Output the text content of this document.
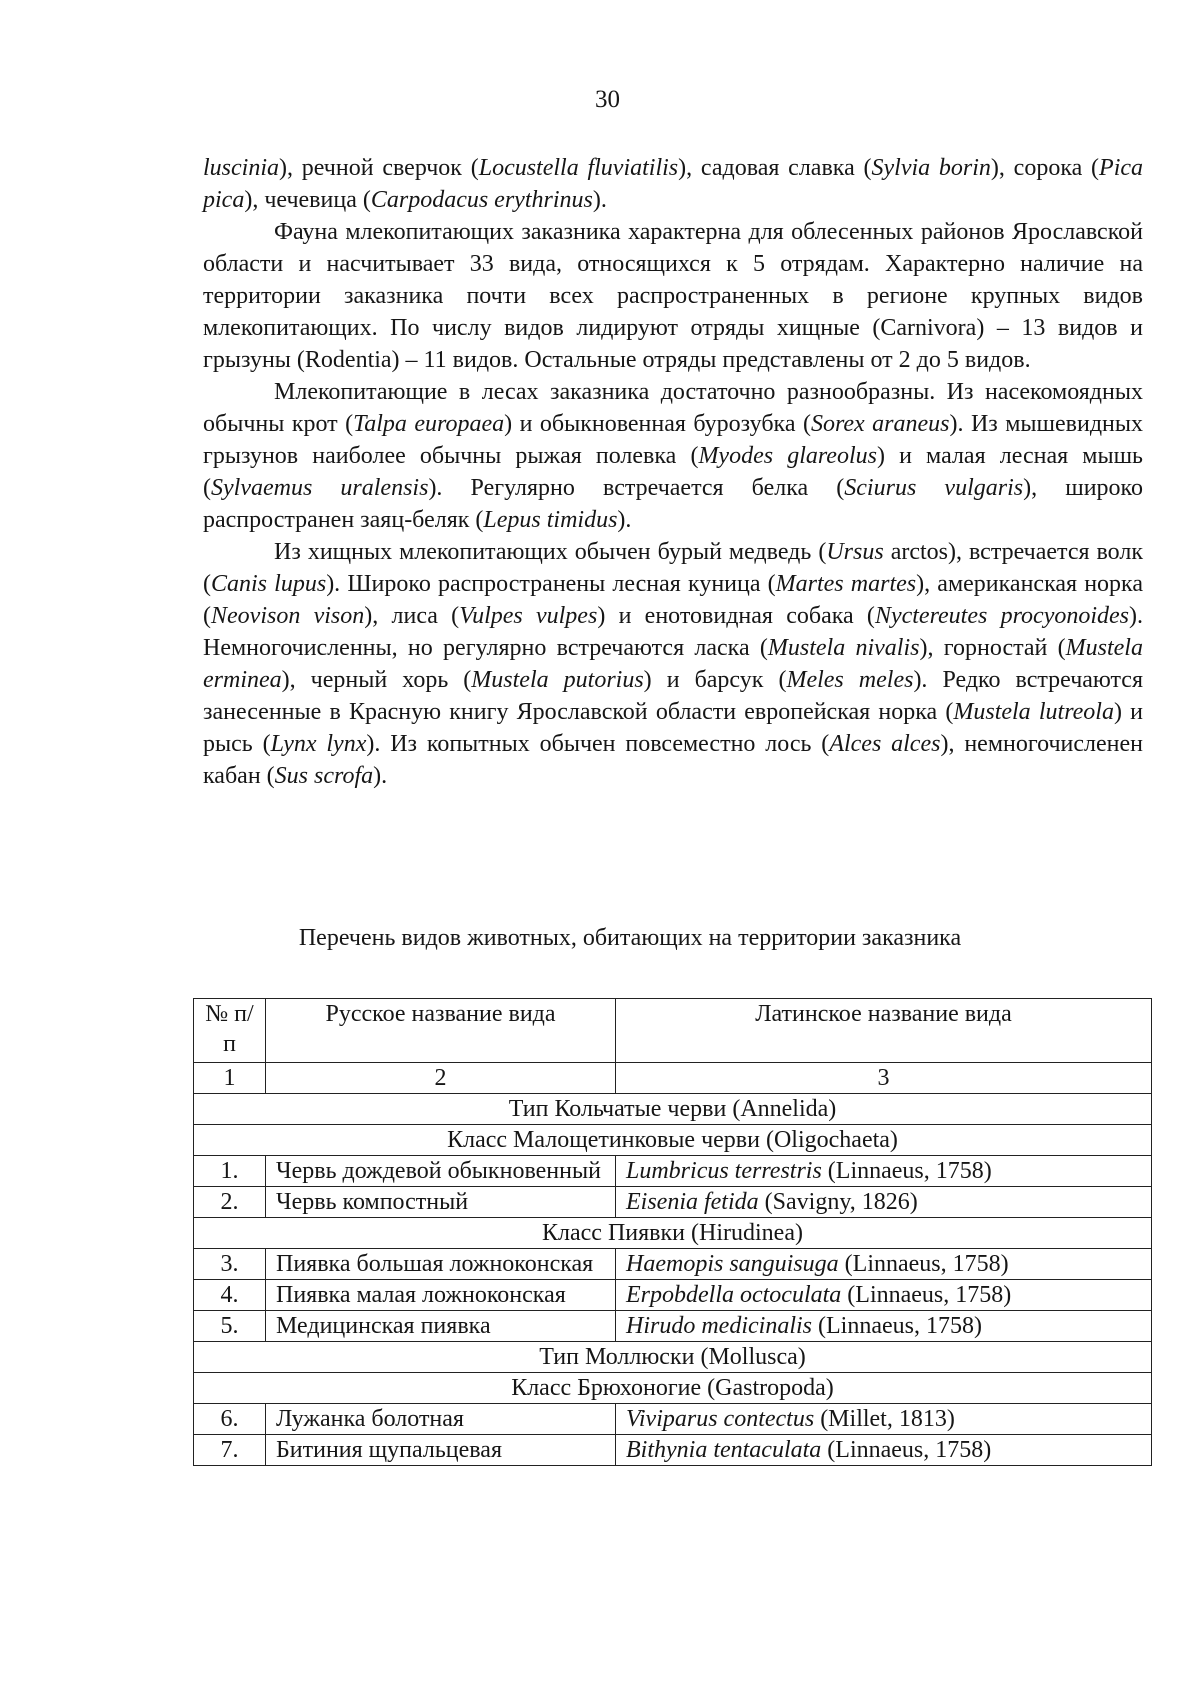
30

luscinia), речной сверчок (Locustella fluviatilis), садовая славка (Sylvia borin), сорока (Pica pica), чечевица (Carpodacus erythrinus).

Фауна млекопитающих заказника характерна для облесенных районов Ярославской области и насчитывает 33 вида, относящихся к 5 отрядам. Характерно наличие на территории заказника почти всех распространенных в регионе крупных видов млекопитающих. По числу видов лидируют отряды хищные (Carnivora) – 13 видов и грызуны (Rodentia) – 11 видов. Остальные отряды представлены от 2 до 5 видов.

Млекопитающие в лесах заказника достаточно разнообразны. Из насекомоядных обычны крот (Talpa europaea) и обыкновенная бурозубка (Sorex araneus). Из мышевидных грызунов наиболее обычны рыжая полевка (Myodes glareolus) и малая лесная мышь (Sylvaemus uralensis). Регулярно встречается белка (Sciurus vulgaris), широко распространен заяц-беляк (Lepus timidus).

Из хищных млекопитающих обычен бурый медведь (Ursus arctos), встречается волк (Canis lupus). Широко распространены лесная куница (Martes martes), американская норка (Neovison vison), лиса (Vulpes vulpes) и енотовидная собака (Nyctereutes procyonoides). Немногочисленны, но регулярно встречаются ласка (Mustela nivalis), горностай (Mustela erminea), черный хорь (Mustela putorius) и барсук (Meles meles). Редко встречаются занесенные в Красную книгу Ярославской области европейская норка (Mustela lutreola) и рысь (Lynx lynx). Из копытных обычен повсеместно лось (Alces alces), немногочисленен кабан (Sus scrofa).

Перечень видов животных, обитающих на территории заказника
№ п/п	Русское название вида	Латинское название вида
1	2	3
Тип Кольчатые черви (Annelida)		
Класс Малощетинковые черви (Oligochaeta)		
1.	Червь дождевой обыкновенный	Lumbricus terrestris (Linnaeus, 1758)
2.	Червь компостный	Eisenia fetida (Savigny, 1826)
Класс Пиявки (Hirudinea)		
3.	Пиявка большая ложноконская	Haemopis sanguisuga (Linnaeus, 1758)
4.	Пиявка малая ложноконская	Erpobdella octoculata (Linnaeus, 1758)
5.	Медицинская пиявка	Hirudo medicinalis (Linnaeus, 1758)
Тип Моллюски (Mollusca)		
Класс Брюхоногие (Gastropoda)		
6.	Лужанка болотная	Viviparus contectus (Millet, 1813)
7.	Битиния щупальцевая	Bithynia tentaculata (Linnaeus, 1758)
